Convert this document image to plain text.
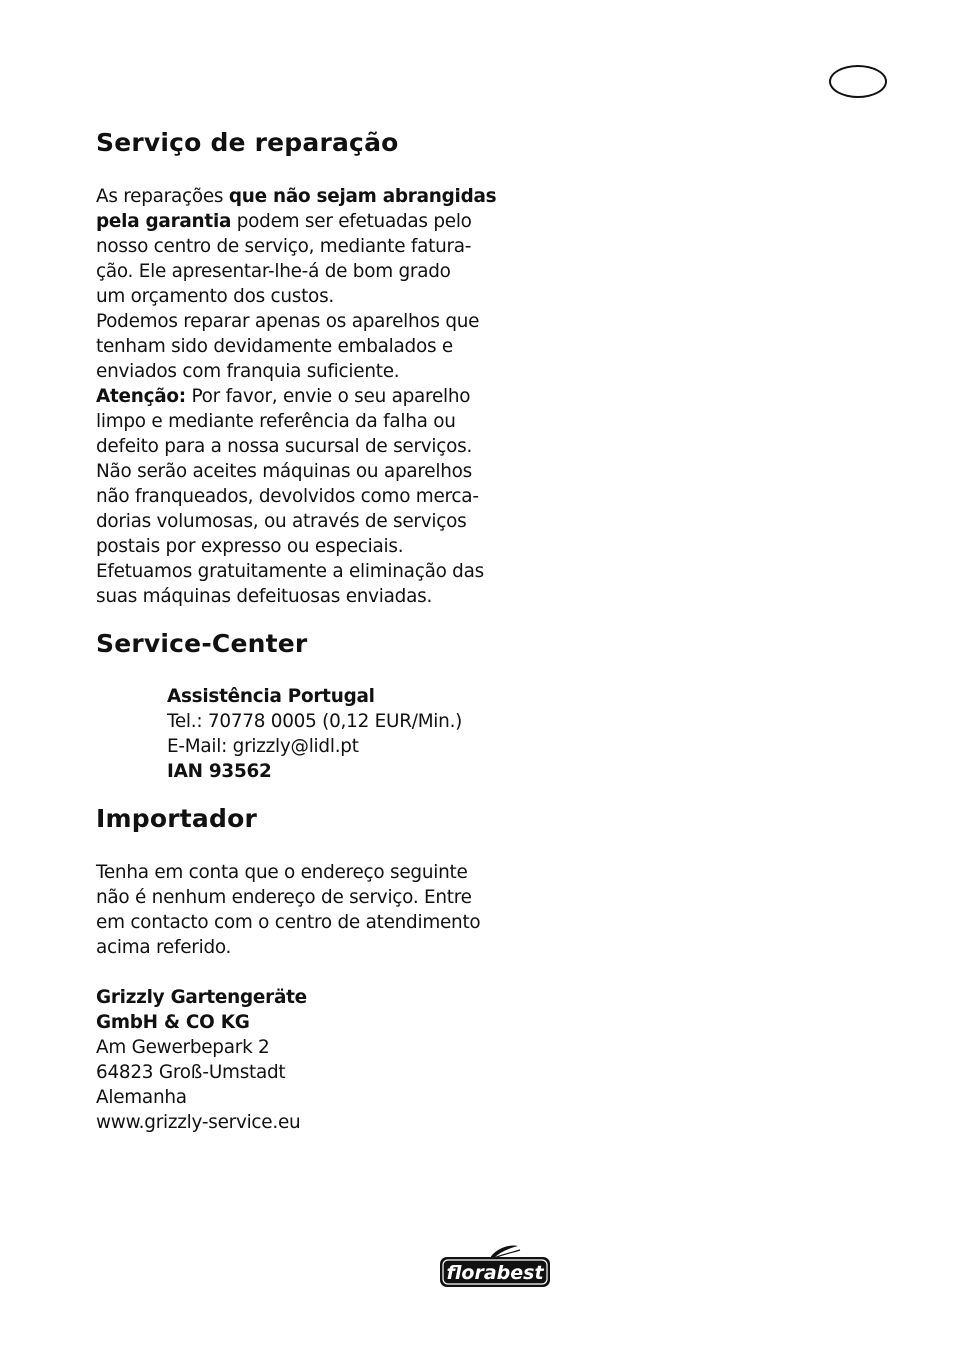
Serviço de reparação
As reparações que não sejam abrangidas
pela garantia podem ser efetuadas pelo
nosso centro de serviço, mediante fatura-
ção. Ele apresentar-lhe-á de bom grado
um orçamento dos custos.
Podemos reparar apenas os aparelhos que
tenham sido devidamente embalados e
enviados com franquia suficiente.
Atenção: Por favor, envie o seu aparelho
limpo e mediante referência da falha ou
defeito para a nossa sucursal de serviços.
Não serão aceites máquinas ou aparelhos
não franqueados, devolvidos como merca-
dorias volumosas, ou através de serviços
postais por expresso ou especiais.
Efetuamos gratuitamente a eliminação das
suas máquinas defeituosas enviadas.
Service-Center
Assistência Portugal
Tel.: 70778 0005 (0,12 EUR/Min.)
E-Mail: grizzly@lidl.pt
IAN 93562
Importador
Tenha em conta que o endereço seguinte
não é nenhum endereço de serviço. Entre
em contacto com o centro de atendimento
acima referido.
Grizzly Gartengeräte
GmbH & CO KG
Am Gewerbepark 2
64823 Groß-Umstadt
Alemanha
www.grizzly-service.eu
florabest
